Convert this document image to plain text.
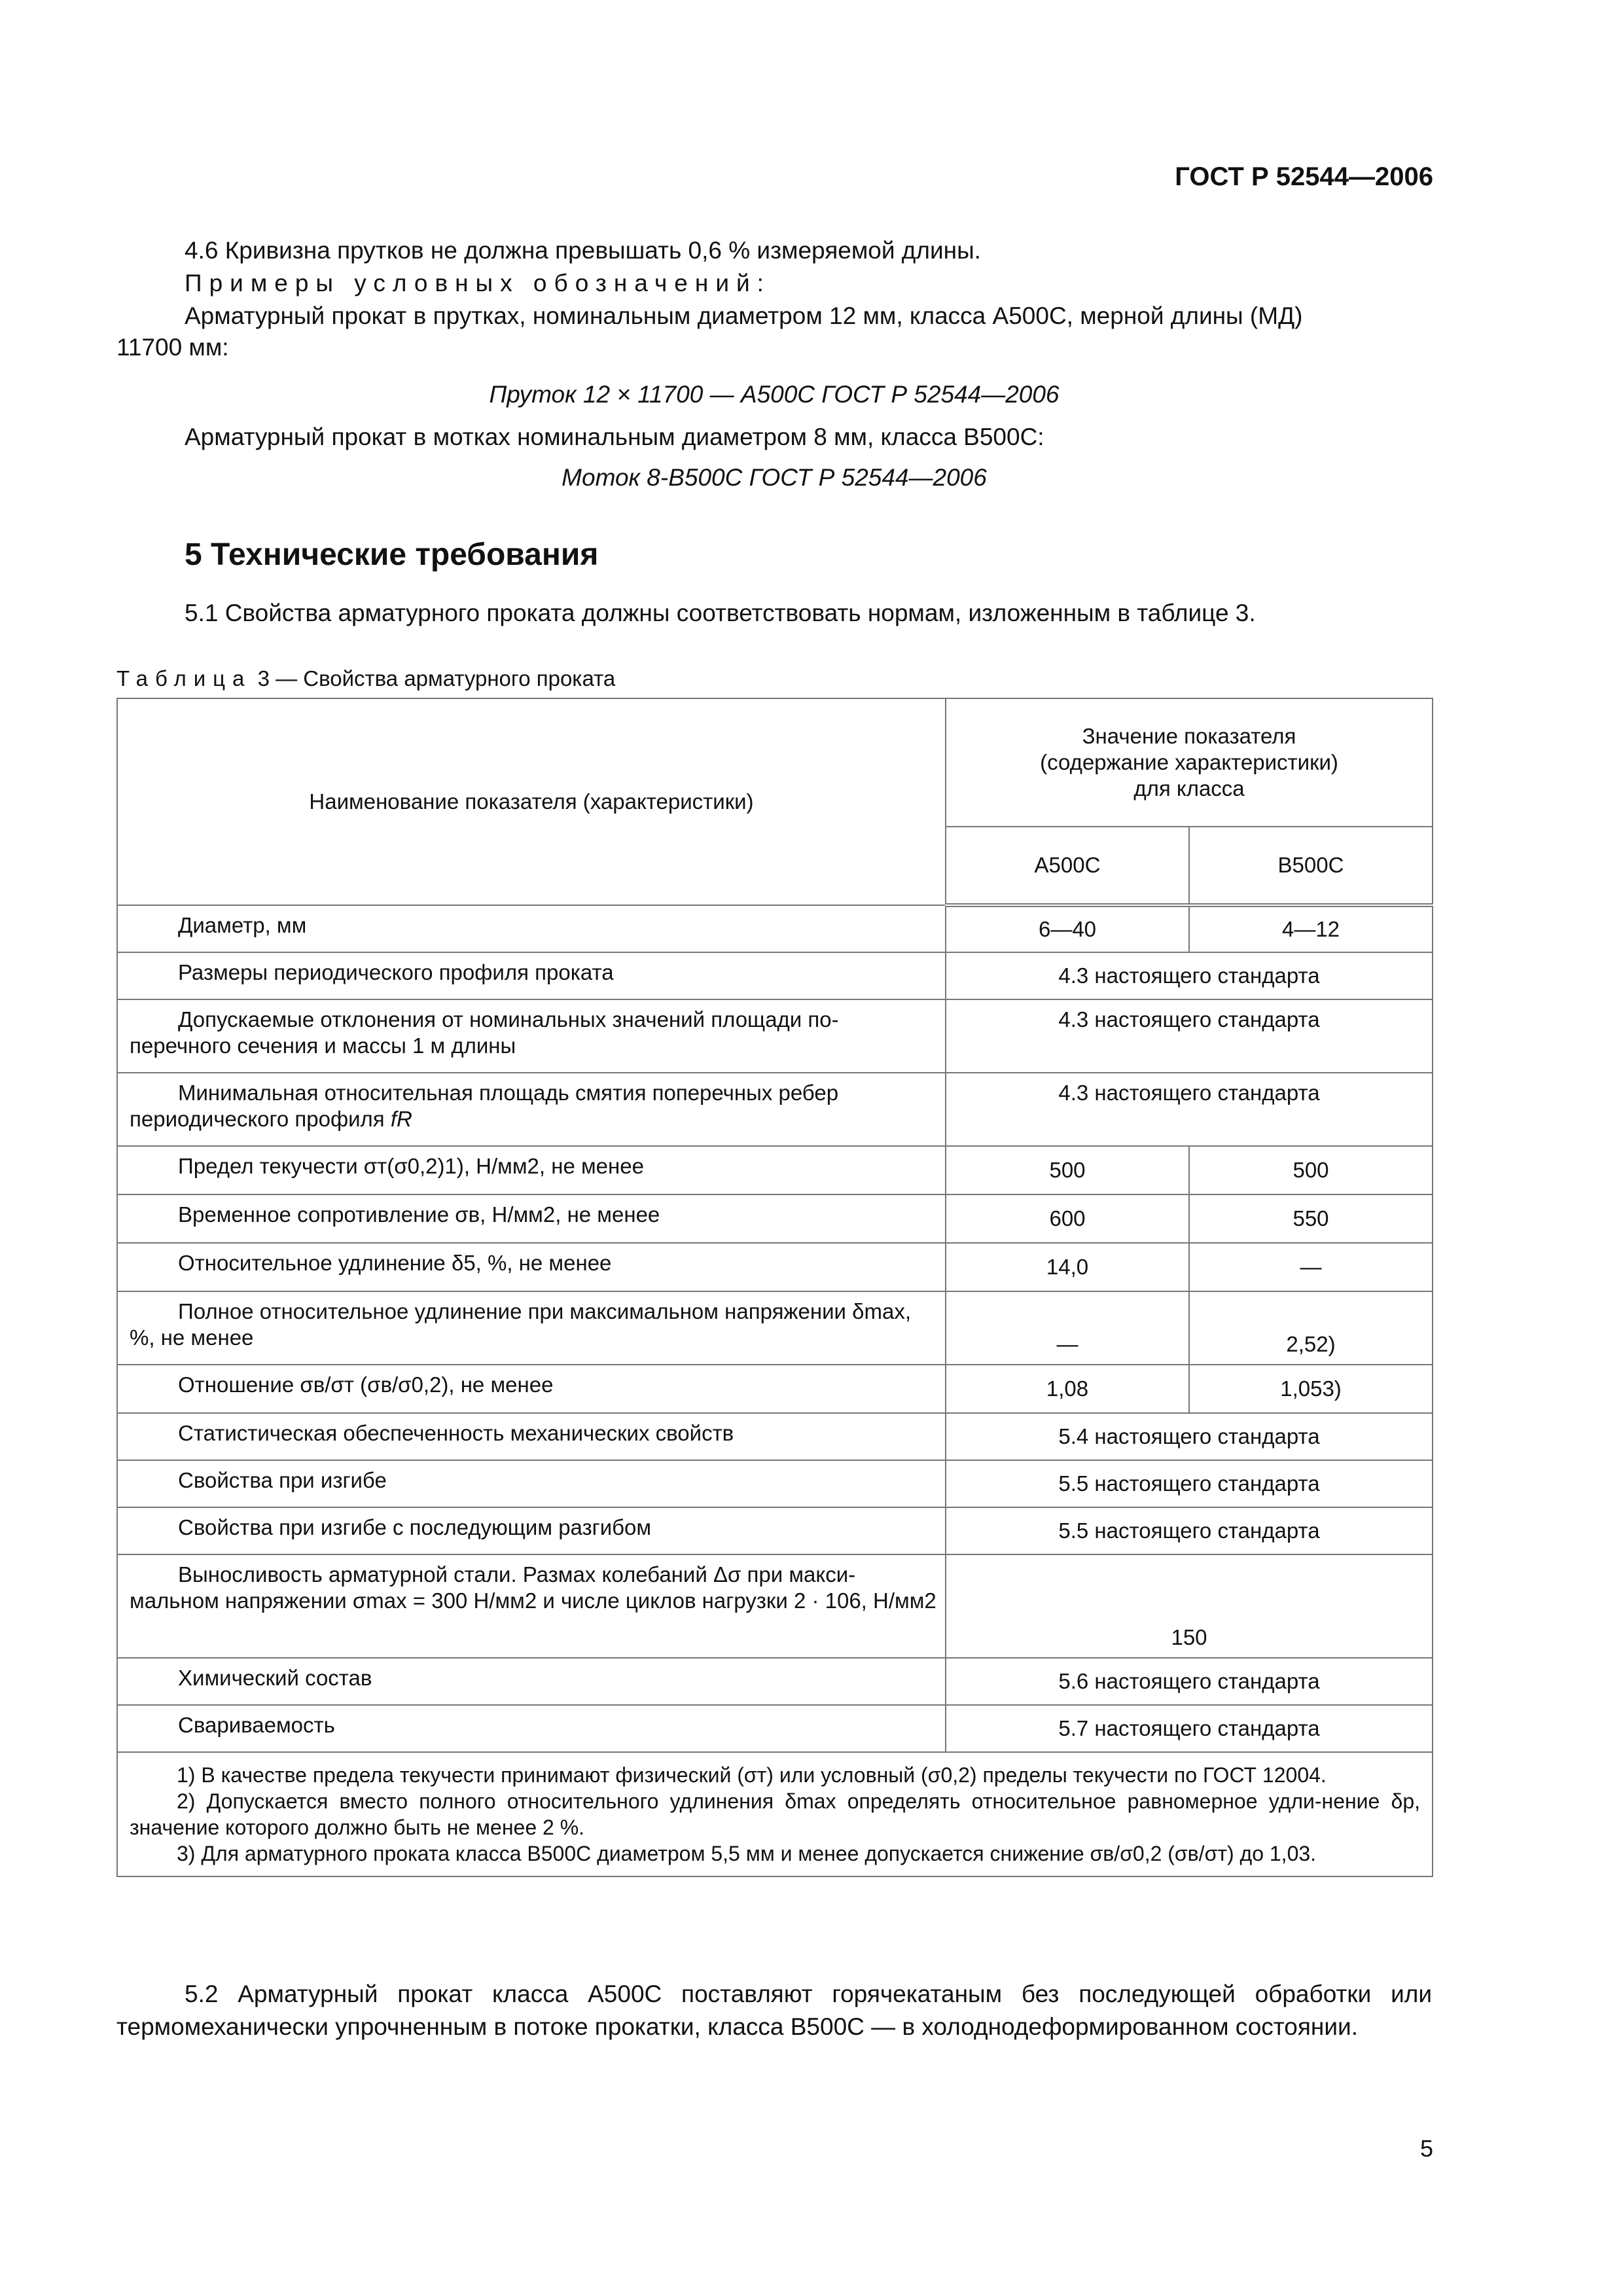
ГОСТ Р 52544—2006
4.6 Кривизна прутков не должна превышать 0,6 % измеряемой длины.
Примеры условных обозначений:
Арматурный прокат в прутках, номинальным диаметром 12 мм, класса А500С, мерной длины (МД)
11700 мм:
Пруток 12 × 11700 — А500С ГОСТ Р 52544—2006
Арматурный прокат в мотках номинальным диаметром 8 мм, класса В500С:
Моток 8-В500С ГОСТ Р 52544—2006
5 Технические требования
5.1 Свойства арматурного проката должны соответствовать нормам, изложенным в таблице 3.
Таблица 3 — Свойства арматурного проката
Наименование показателя (характеристики)	Значение показателя
(содержание характеристики)
для класса	

	А500С	В500С
Диаметр, мм	6—40	4—12
Размеры периодического профиля проката	4.3 настоящего стандарта	
Допускаемые отклонения от номинальных значений площади по-перечного сечения и массы 1 м длины	4.3 настоящего стандарта	
Минимальная относительная площадь смятия поперечных ребер периодического профиля fR	4.3 настоящего стандарта	
Предел текучести σт(σ0,2)1), Н/мм2, не менее	500	500
Временное сопротивление σв, Н/мм2, не менее	600	550
Относительное удлинение δ5, %, не менее	14,0	—
Полное относительное удлинение при максимальном напряжении δmax, %, не менее	—	2,52)
Отношение σв/σт (σв/σ0,2), не менее	1,08	1,053)
Статистическая обеспеченность механических свойств	5.4 настоящего стандарта	
Свойства при изгибе	5.5 настоящего стандарта	
Свойства при изгибе с последующим разгибом	5.5 настоящего стандарта	
Выносливость арматурной стали. Размах колебаний Δσ при макси-мальном напряжении σmax = 300 Н/мм2 и числе циклов нагрузки 2 · 106, Н/мм2	150	
Химический состав	5.6 настоящего стандарта	
Свариваемость	5.7 настоящего стандарта	

1) В качестве предела текучести принимают физический (σт) или условный (σ0,2) пределы текучести по ГОСТ 12004.
2) Допускается вместо полного относительного удлинения δmax определять относительное равномерное удли-нение δр, значение которого должно быть не менее 2 %.
3) Для арматурного проката класса В500С диаметром 5,5 мм и менее допускается снижение σв/σ0,2 (σв/σт) до 1,03.		
5.2 Арматурный прокат класса А500С поставляют горячекатаным без последующей обработки или термомеханически упрочненным в потоке прокатки, класса В500С — в холоднодеформированном состоянии.
5
